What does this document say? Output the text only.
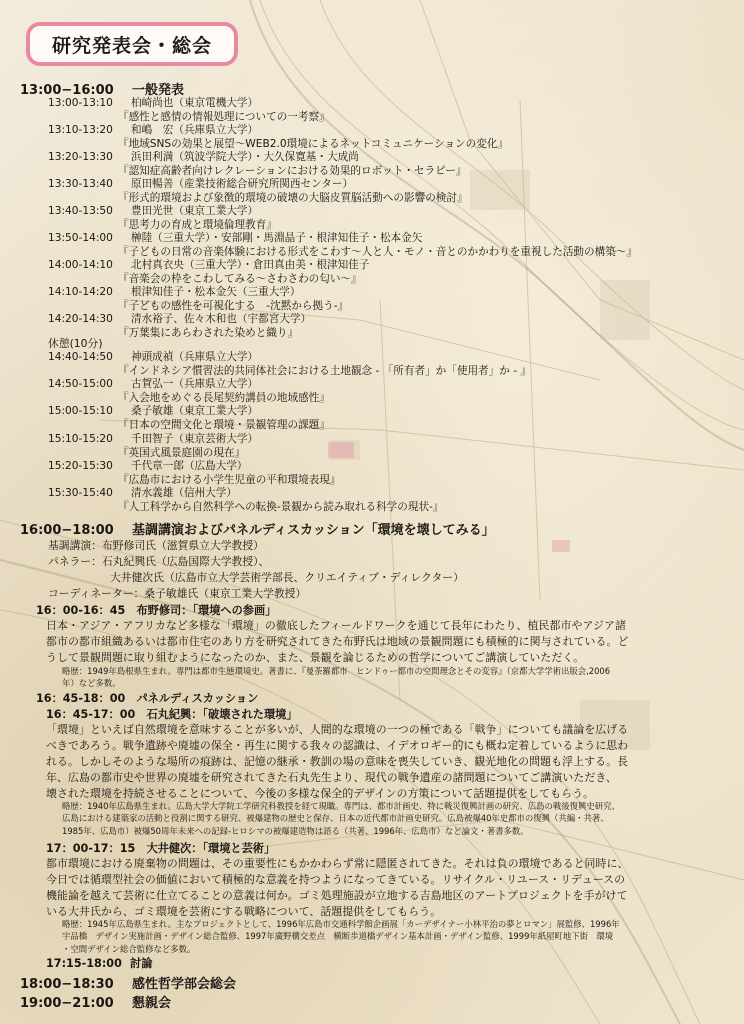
研究発表会・総会
13:00−16:00 一般発表
13:00-13:10 柏崎尚也（東京電機大学）
『感性と感情の情報処理についての一考察』
13:10-13:20 和嶋　宏（兵庫県立大学）
『地域SNSの効果と展望〜WEB2.0環境によるネットコミュニケーションの変化』
13:20-13:30 浜田利満（筑波学院大学）・大久保寛基・大成尚
『認知症高齢者向けレクレーションにおける効果的ロボット・セラピー』
13:30-13:40 原田暢善（産業技術総合研究所関西センター）
『形式的環境および象徴的環境の破壊の大脳皮質脳活動への影響の検討』
13:40-13:50 豊田光世（東京工業大学）
『思考力の育成と環境倫理教育』
13:50-14:00 榊陸（三重大学）・安部剛・馬淵晶子・根津知佳子・松本金矢
『子どもの日常の音楽体験における形式をこわす〜人と人・モノ・音とのかかわりを重視した活動の構築〜』
14:00-14:10 北村真衣央（三重大学）・倉田真由美・根津知佳子
『音楽会の枠をこわしてみる〜さわさわの匂い〜』
14:10-14:20 根津知佳子・松本金矢（三重大学）
『子どもの感性を可視化する　-沈黙から拠う-』
14:20-14:30 清水裕子、佐々木和也（宇都宮大学）
『万葉集にあらわされた染めと織り』
休憩(10分)
14:40-14:50 神頭成禎（兵庫県立大学）
『インドネシア慣習法的共同体社会における土地観念 - 「所有者」か「使用者」か - 』
14:50-15:00 古賀弘一（兵庫県立大学）
『入会地をめぐる長尾契約講員の地域感性』
15:00-15:10 桑子敏雄（東京工業大学）
『日本の空間文化と環境・景観管理の課題』
15:10-15:20 千田智子（東京芸術大学）
『英国式風景庭園の現在』
15:20-15:30 千代章一郎（広島大学）
『広島市における小学生児童の平和環境表現』
15:30-15:40 清水義雄（信州大学）
『人工科学から自然科学への転換-景観から読み取れる科学の現状-』
16:00−18:00 基調講演およびパネルディスカッション「環境を壊してみる」
基調講演：布野修司氏（滋賀県立大学教授）
パネラー：石丸紀興氏（広島国際大学教授）、
大井健次氏（広島市立大学芸術学部長、クリエイティブ・ディレクター）
コーディネーター：桑子敏雄氏（東京工業大学教授）
16：00-16：45　布野修司：「環境への参画」
日本・アジア・アフリカなど多様な「環境」の徹底したフィールドワークを通じて長年にわたり、植民都市やアジア諸
都市の都市組織あるいは都市住宅のあり方を研究されてきた布野氏は地域の景観問題にも積極的に関与されている。ど
うして景観問題に取り組むようになったのか、また、景観を論じるための哲学についてご講演していただく。
略歴：1949年島根県生まれ。専門は都市生態環境史。著書に、『曼荼羅都市　ヒンドゥー都市の空間理念とその変容』（京都大学学術出版会,2006
年）など多数。
16：45-18：00　パネルディスカッション
16：45-17：00　石丸紀興：「破壊された環境」
「環境」といえば自然環境を意味することが多いが、人間的な環境の一つの極である「戦争」についても議論を広げる
べきであろう。戦争遺跡や廃墟の保全・再生に関する我々の認識は、イデオロギー的にも概ね定着しているように思わ
れる。しかしそのような場所の痕跡は、記憶の継承・教訓の場の意味を喪失していき、観光地化の問題も浮上する。長
年、広島の都市史や世界の廃墟を研究されてきた石丸先生より、現代の戦争遺産の諸問題についてご講演いただき、
壊された環境を持続させることについて、今後の多様な保全的デザインの方策について話題提供をしてもらう。
略歴：1940年広島県生まれ。広島大学大学院工学研究科教授を経て現職。専門は、都市計画史、特に戦災復興計画の研究、広島の戦後復興史研究、
広島における建築家の活動と役割に関する研究、被爆建物の歴史と保存、日本の近代都市計画史研究。広島被爆40年史都市の復興（共編・共著、
1985年、広島市）被爆50周年未来への記録-ヒロシマの被爆建造物は語る（共著、1996年、広島市）など論文・著書多数。
17：00-17：15　大井健次：「環境と芸術」
都市環境における廃棄物の問題は、その重要性にもかかわらず常に隠匿されてきた。それは負の環境であると同時に、
今日では循環型社会の価値において積極的な意義を持つようになってきている。リサイクル・リユース・リデュースの
機能論を越えて芸術に仕立てることの意義は何か。ゴミ処理施設が立地する吉島地区のアートプロジェクトを手がけて
いる大井氏から、ゴミ環境を芸術にする戦略について、話題提供をしてもらう。
略歴：1945年広島県生まれ。主なプロジェクトとして、1996年広島市交通科学館企画展「カーデザイナー小林平治の夢とロマン」展監修、1996年
宇品橋　デザイン実施計画・デザイン総合監修、1997年廣野構交差点　横断歩道橋デザイン基本計画・デザイン監修、1999年紙屋町地下街　環境
・空間デザイン総合監修など多数。
17:15-18:00 討論
18:00−18:30 感性哲学部会総会
19:00−21:00 懇親会
